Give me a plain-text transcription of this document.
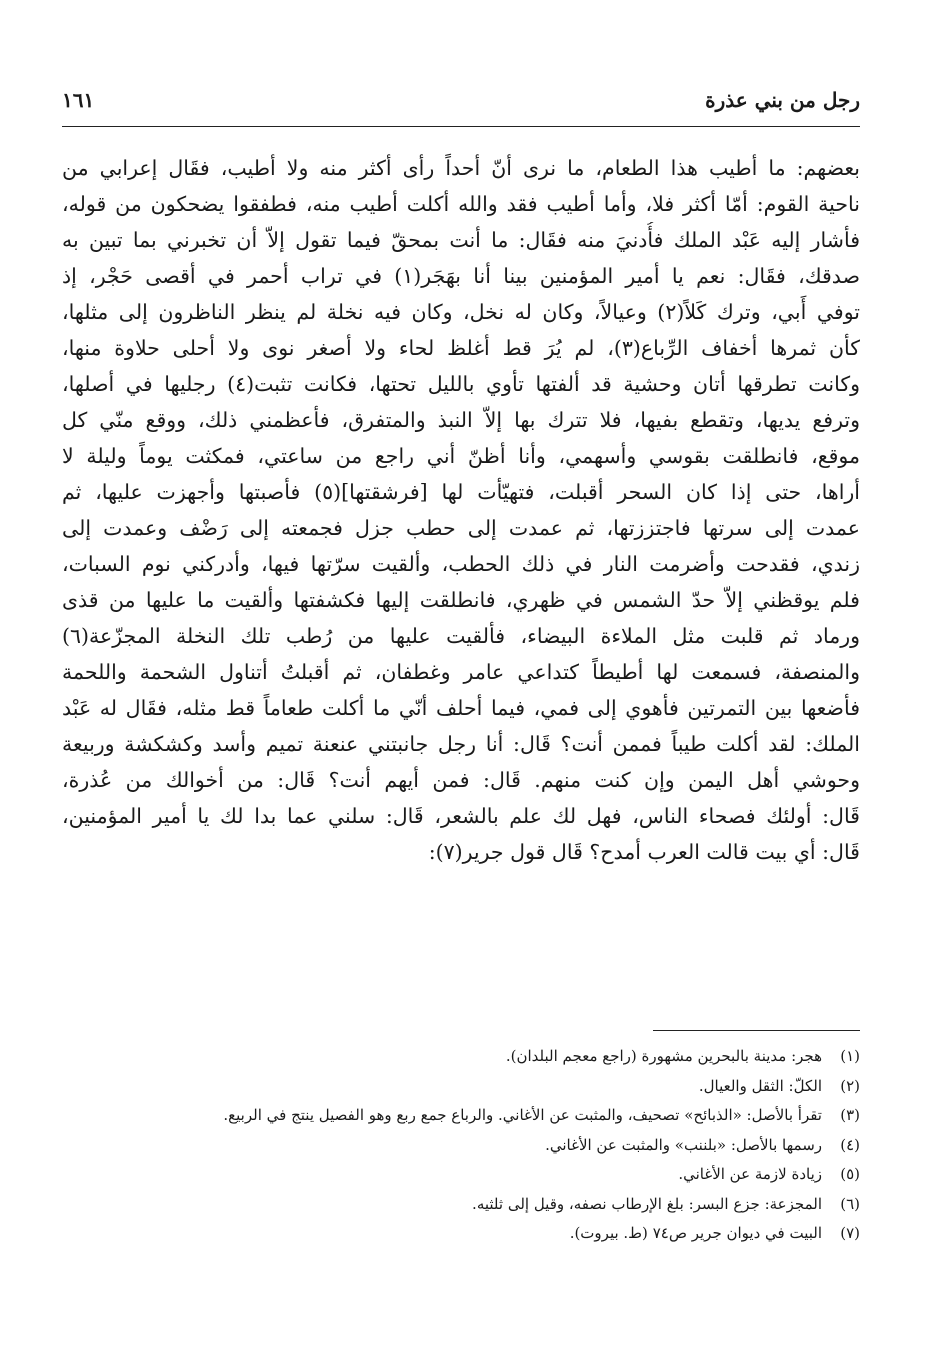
رجل من بني عذرة
١٦١
بعضهم: ما أطيب هذا الطعام، ما نرى أنّ أحداً رأى أكثر منه ولا أطيب، فقَال إعرابي من
ناحية القوم: أمّا أكثر فلا، وأما أطيب فقد والله أكلت أطيب منه، فطفقوا يضحكون من قوله،
فأشار إليه عَبْد الملك فأُدنيَ منه فقَال: ما أنت بمحقّ فيما تقول إلاّ أن تخبرني بما تبين به
صدقك، فقَال: نعم يا أمير المؤمنين بينا أنا بهَجَر(١) في تراب أحمر في أقصى حَجْر، إذ
توفي أَبي، وترك كَلاً(٢) وعيالاً، وكان له نخل، وكان فيه نخلة لم ينظر الناظرون إلى مثلها،
كأن ثمرها أخفاف الرِّباع(٣)، لم يُرَ قط أغلظ لحاء ولا أصغر نوى ولا أحلى حلاوة منها،
وكانت تطرقها أتان وحشية قد ألفتها تأوي بالليل تحتها، فكانت تثبت(٤) رجليها في أصلها،
وترفع يديها، وتقطع بفيها، فلا تترك بها إلاّ النبذ والمتفرق، فأعظمني ذلك، ووقع منّي كل
موقع، فانطلقت بقوسي وأسهمي، وأنا أظنّ أني راجع من ساعتي، فمكثت يوماً وليلة لا
أراها، حتى إذا كان السحر أقبلت، فتهيّأت لها [فرشقتها](٥) فأصبتها وأجهزت عليها، ثم
عمدت إلى سرتها فاجتززتها، ثم عمدت إلى حطب جزل فجمعته إلى رَضْف وعمدت إلى
زندي، فقدحت وأضرمت النار في ذلك الحطب، وألقيت سرّتها فيها، وأدركني نوم السبات،
فلم يوقظني إلاّ حدّ الشمس في ظهري، فانطلقت إليها فكشفتها وألقيت ما عليها من قذى
ورماد ثم قلبت مثل الملاءة البيضاء، فألقيت عليها من رُطب تلك النخلة المجزّعة(٦)
والمنصفة، فسمعت لها أطيطاً كتداعي عامر وغطفان، ثم أقبلتُ أتناول الشحمة واللحمة
فأضعها بين التمرتين فأهوي إلى فمي، فيما أحلف أنّي ما أكلت طعاماً قط مثله، فقَال له عَبْد
الملك: لقد أكلت طيباً فممن أنت؟ قَال: أنا رجل جانبتني عنعنة تميم وأسد وكشكشة وربيعة
وحوشي أهل اليمن وإن كنت منهم. قَال: فمن أيهم أنت؟ قَال: من أخوالك من عُذرة،
قَال: أولئك فصحاء الناس، فهل لك علم بالشعر، قَال: سلني عما بدا لك يا أمير المؤمنين،
قَال: أي بيت قالت العرب أمدح؟ قَال قول جرير(٧):
(١)هجر: مدينة بالبحرين مشهورة (راجع معجم البلدان).
(٢)الكلّ: الثقل والعيال.
(٣)تقرأ بالأصل: «الذبائح» تصحيف، والمثبت عن الأغاني. والرباع جمع ربع وهو الفصيل ينتج في الربيع.
(٤)رسمها بالأصل: «بلننب» والمثبت عن الأغاني.
(٥)زيادة لازمة عن الأغاني.
(٦)المجزعة: جزع البسر: بلغ الإرطاب نصفه، وقيل إلى ثلثيه.
(٧)البيت في ديوان جرير ص٧٤ (ط. بيروت).
